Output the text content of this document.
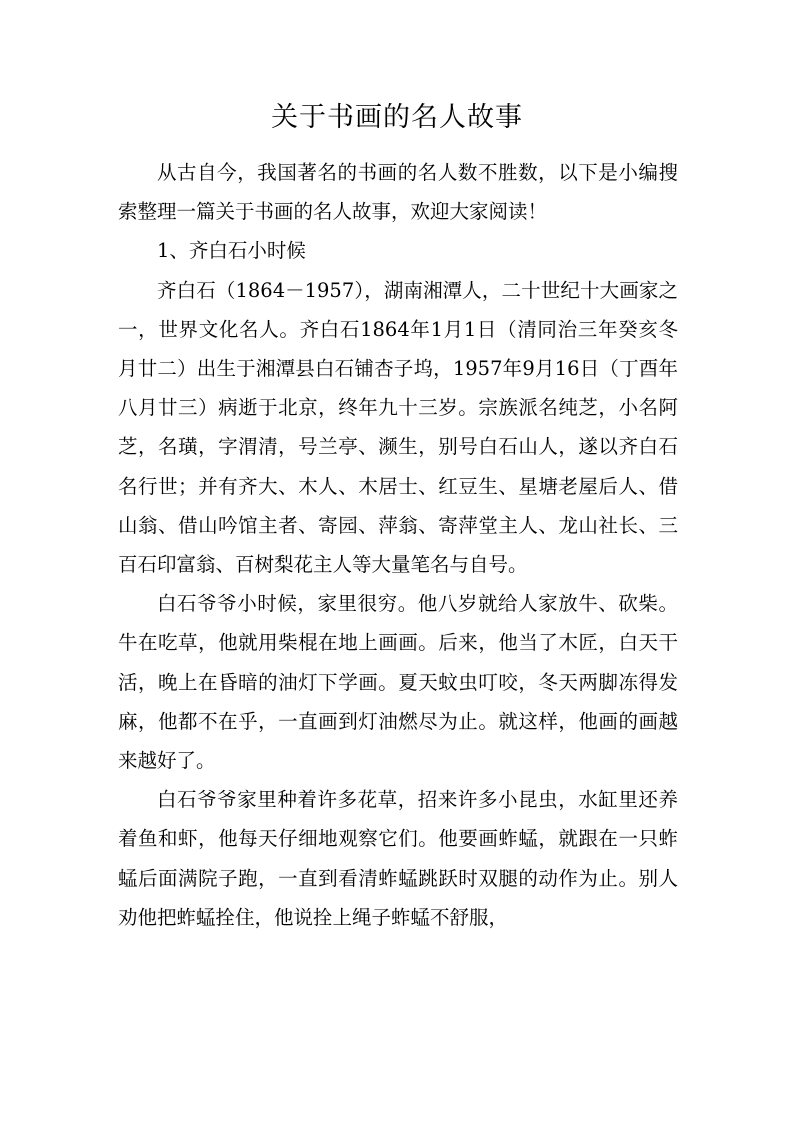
关于书画的名人故事

从古自今，我国著名的书画的名人数不胜数，以下是小编搜索整理一篇关于书画的名人故事，欢迎大家阅读！

1、齐白石小时候

齐白石（1864－1957），湖南湘潭人，二十世纪十大画家之一，世界文化名人。齐白石1864年1月1日（清同治三年癸亥冬月廿二）出生于湘潭县白石铺杏子坞，1957年9月16日（丁酉年八月廿三）病逝于北京，终年九十三岁。宗族派名纯芝，小名阿芝，名璜，字渭清，号兰亭、濒生，别号白石山人，遂以齐白石名行世；并有齐大、木人、木居士、红豆生、星塘老屋后人、借山翁、借山吟馆主者、寄园、萍翁、寄萍堂主人、龙山社长、三百石印富翁、百树梨花主人等大量笔名与自号。

白石爷爷小时候，家里很穷。他八岁就给人家放牛、砍柴。牛在吃草，他就用柴棍在地上画画。后来，他当了木匠，白天干活，晚上在昏暗的油灯下学画。夏天蚊虫叮咬，冬天两脚冻得发麻，他都不在乎，一直画到灯油燃尽为止。就这样，他画的画越来越好了。

白石爷爷家里种着许多花草，招来许多小昆虫，水缸里还养着鱼和虾，他每天仔细地观察它们。他要画蚱蜢，就跟在一只蚱蜢后面满院子跑，一直到看清蚱蜢跳跃时双腿的动作为止。别人劝他把蚱蜢拴住，他说拴上绳子蚱蜢不舒服，
